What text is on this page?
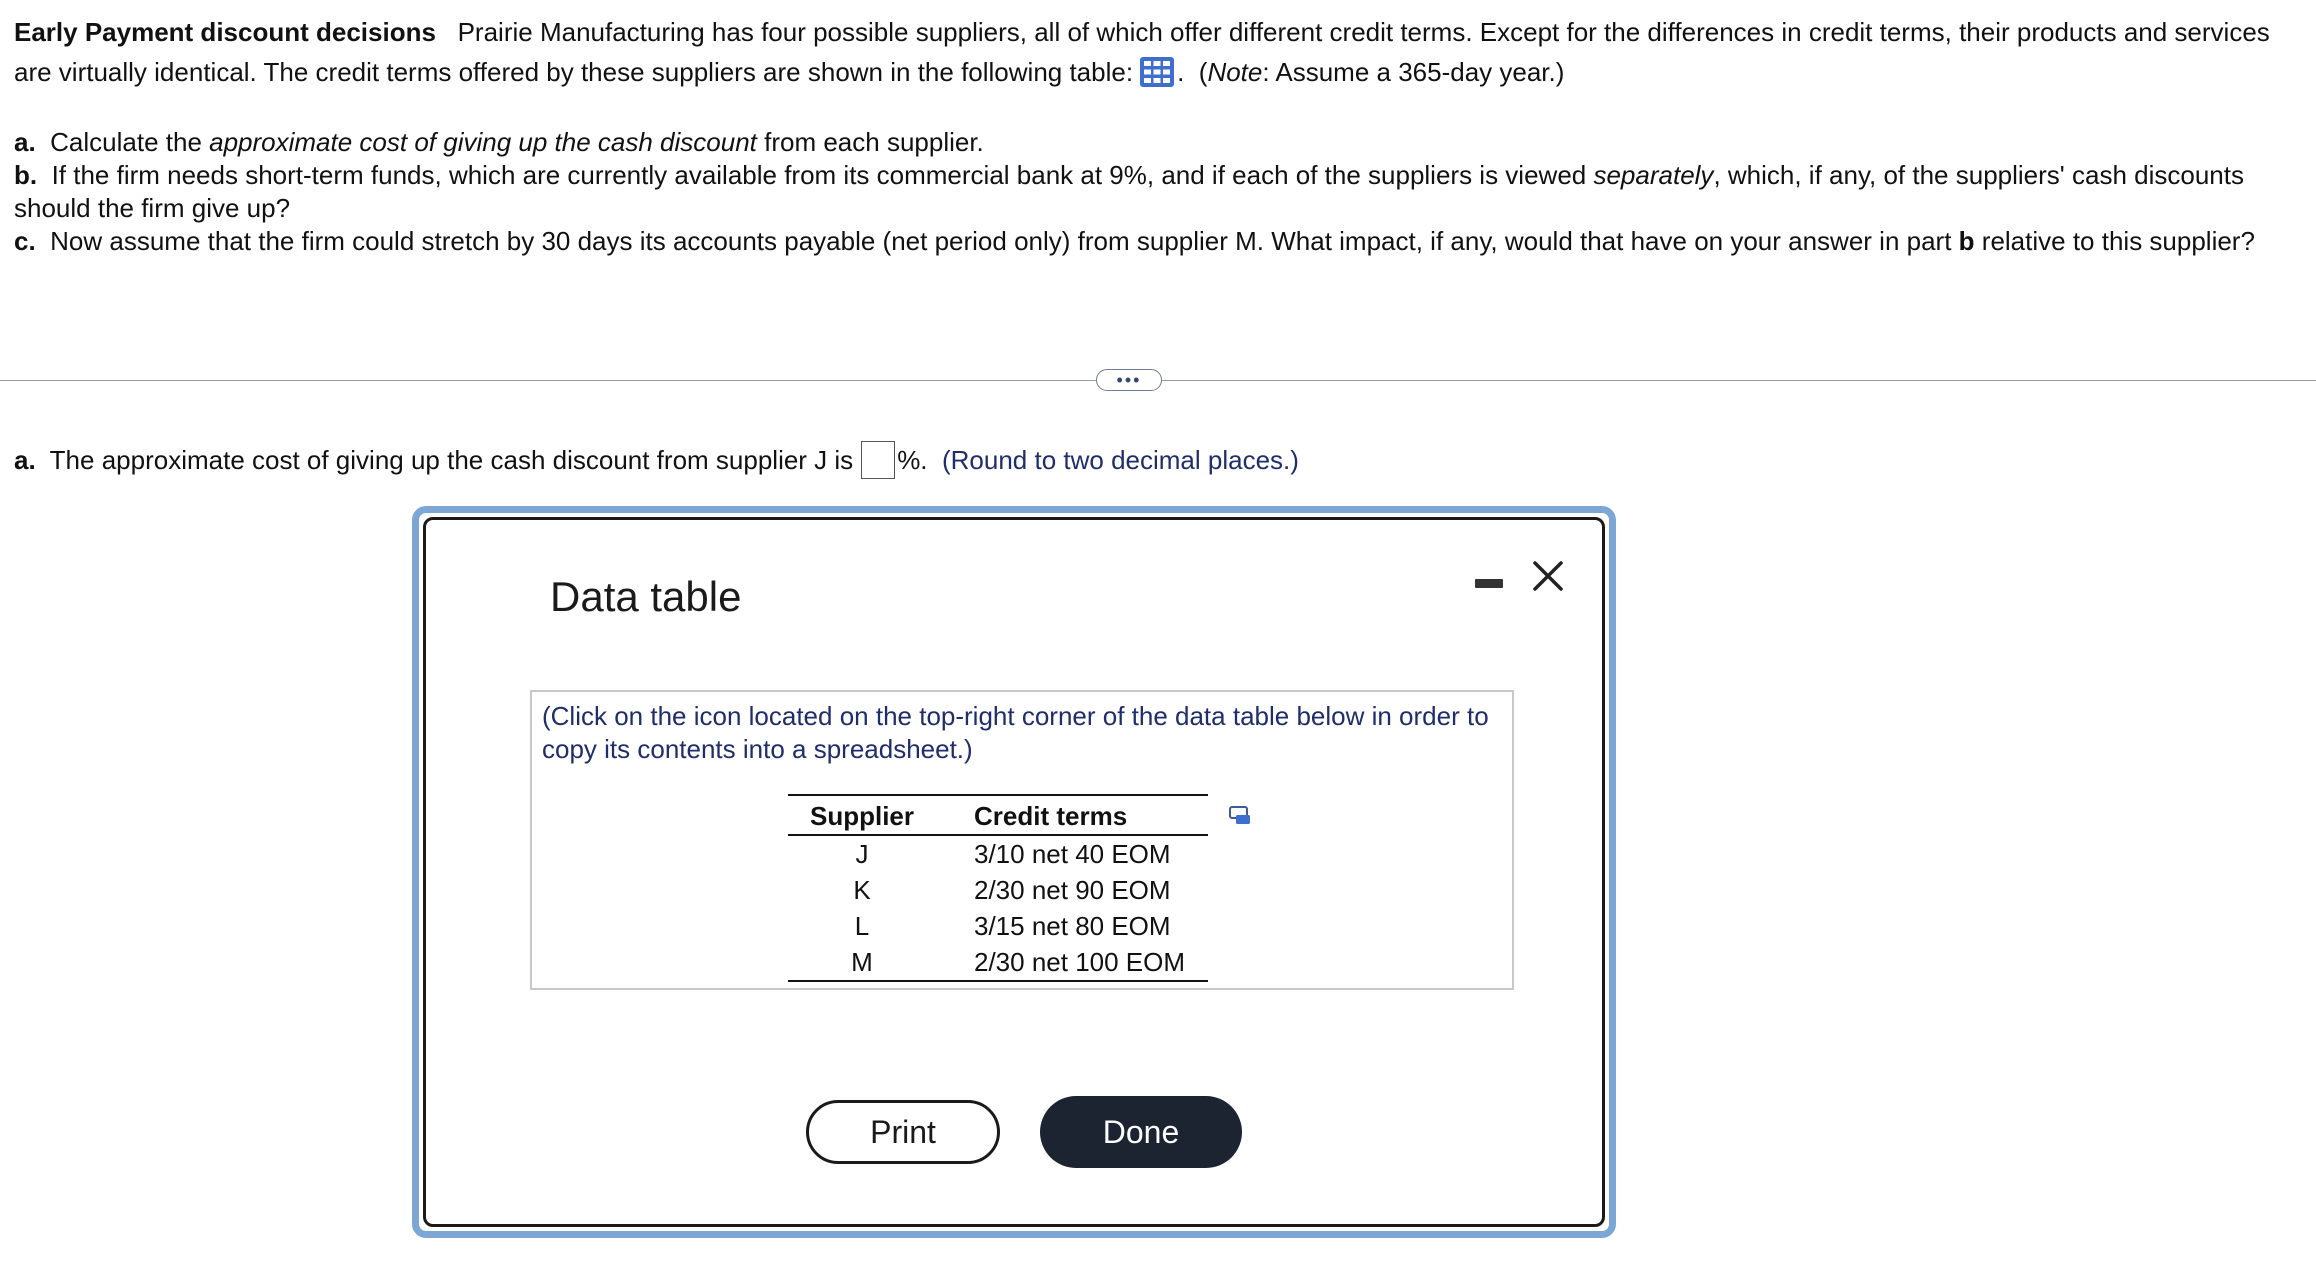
Early Payment discount decisions Prairie Manufacturing has four possible suppliers, all of which offer different credit terms. Except for the differences in credit terms, their products and services are virtually identical. The credit terms offered by these suppliers are shown in the following table: . (Note: Assume a 365-day year.)

a. Calculate the approximate cost of giving up the cash discount from each supplier.

b. If the firm needs short-term funds, which are currently available from its commercial bank at 9%, and if each of the suppliers is viewed separately, which, if any, of the suppliers' cash discounts should the firm give up?

c. Now assume that the firm could stretch by 30 days its accounts payable (net period only) from supplier M. What impact, if any, would that have on your answer in part b relative to this supplier?

•••
a. The approximate cost of giving up the cash discount from supplier J is %. (Round to two decimal places.)
Data table
(Click on the icon located on the top-right corner of the data table below in order to copy its contents into a spreadsheet.)
Supplier	Credit terms
J	3/10 net 40 EOM
K	2/30 net 90 EOM
L	3/15 net 80 EOM
M	2/30 net 100 EOM
Print	Done
